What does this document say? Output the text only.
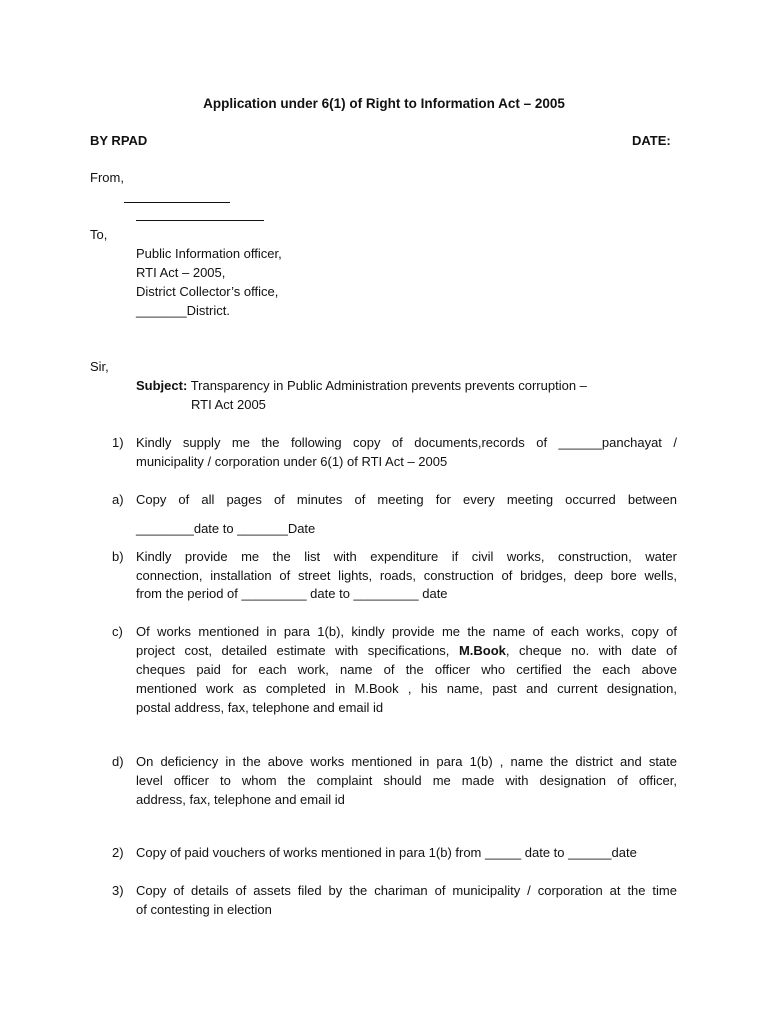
Application under 6(1) of Right to Information Act – 2005
BY RPAD	DATE:
From,
To,
Public Information officer,
RTI Act – 2005,
District Collector’s office,
_______District.
Sir,
Subject: Transparency in Public Administration prevents prevents corruption –
RTI Act 2005
1) Kindly supply me the following copy of documents,records of ______panchayat /
municipality / corporation under 6(1) of RTI Act – 2005
a) Copy of all pages of minutes of meeting for every meeting occurred between
________date to _______Date
b) Kindly provide me the list with expenditure if civil works, construction, water
connection, installation of street lights, roads, construction of bridges, deep bore wells,
from the period of _________ date to _________ date
c) Of works mentioned in para 1(b), kindly provide me the name of each works, copy of
project cost, detailed estimate with specifications, M.Book, cheque no. with date of
cheques paid for each work, name of the officer who certified the each above
mentioned work as completed in M.Book , his name, past and current designation,
postal address, fax, telephone and email id
d) On deficiency in the above works mentioned in para 1(b) , name the district and state
level officer to whom the complaint should me made with designation of officer,
address, fax, telephone and email id
2) Copy of paid vouchers of works mentioned in para 1(b) from _____ date to ______date
3) Copy of details of assets filed by the chariman of municipality / corporation at the time
of contesting in election
